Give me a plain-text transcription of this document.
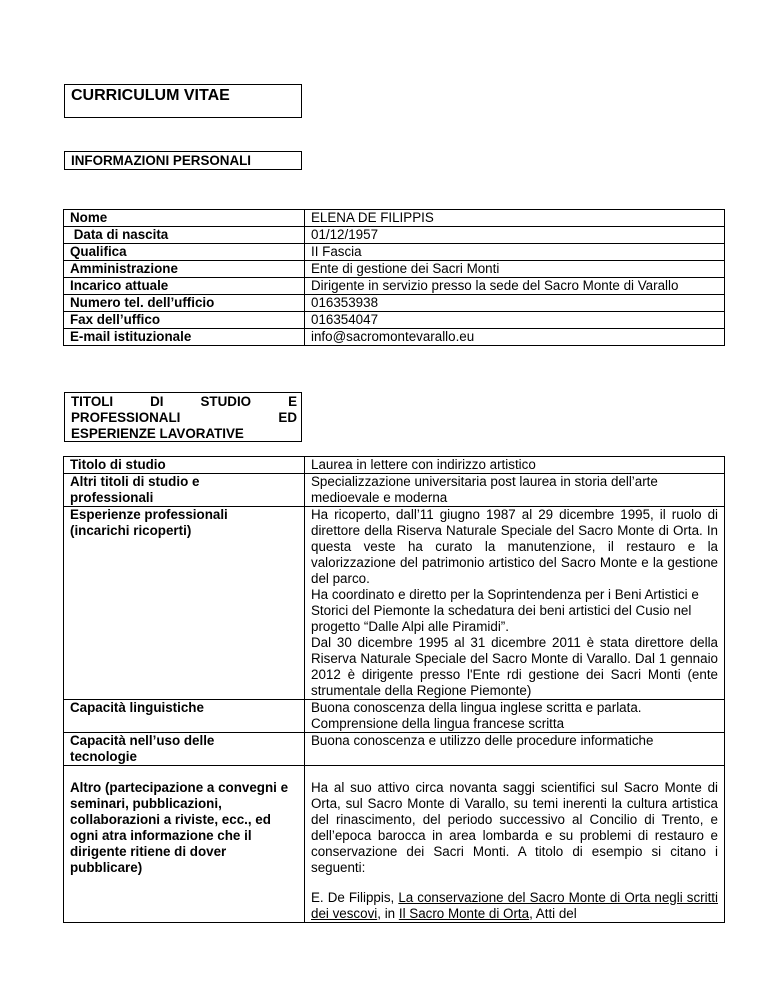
CURRICULUM VITAE
INFORMAZIONI PERSONALI
Nome	ELENA DE FILIPPIS
Data di nascita	01/12/1957
Qualifica	II Fascia
Amministrazione	Ente di gestione dei Sacri Monti
Incarico attuale	Dirigente in servizio presso la sede del Sacro Monte di Varallo
Numero tel. dell’ufficio	016353938
Fax dell’uffico	016354047
E-mail istituzionale	info@sacromontevarallo.eu
TITOLI	DI	STUDIO	E
PROFESSIONALI	ED
ESPERIENZE LAVORATIVE
Titolo di studio	Laurea in lettere con indirizzo artistico
Altri titoli di studio e professionali	Specializzazione universitaria post laurea in storia dell’arte medioevale e moderna
Esperienze professionali (incarichi ricoperti)	Ha ricoperto, dall’11 giugno 1987 al 29 dicembre 1995, il ruolo di direttore della Riserva Naturale Speciale del Sacro Monte di Orta. In questa veste ha curato la manutenzione, il restauro e la valorizzazione del patrimonio artistico del Sacro Monte e la gestione del parco.
Ha coordinato e diretto per la Soprintendenza per i Beni Artistici e Storici del Piemonte la schedatura dei beni artistici del Cusio nel progetto “Dalle Alpi alle Piramidi”.
Dal 30 dicembre 1995 al 31 dicembre 2011 è stata direttore della Riserva Naturale Speciale del Sacro Monte di Varallo. Dal 1 gennaio 2012 è dirigente presso l'Ente rdi gestione dei Sacri Monti (ente strumentale della Regione Piemonte)

Capacità linguistiche	Buona conoscenza della lingua inglese scritta e parlata. Comprensione della lingua francese scritta
Capacità nell’uso delle tecnologie	Buona conoscenza e utilizzo delle procedure informatiche
Altro (partecipazione a convegni e seminari, pubblicazioni, collaborazioni a riviste, ecc., ed ogni atra informazione che il dirigente ritiene di dover pubblicare)	Ha al suo attivo circa novanta saggi scientifici sul Sacro Monte di Orta, sul Sacro Monte di Varallo, su temi inerenti la cultura artistica del rinascimento, del periodo successivo al Concilio di Trento, e dell’epoca barocca in area lombarda e su problemi di restauro e conservazione dei Sacri Monti. A titolo di esempio si citano i seguenti:
E. De Filippis, La conservazione del Sacro Monte di Orta negli scritti dei vescovi, in Il Sacro Monte di Orta, Atti del
